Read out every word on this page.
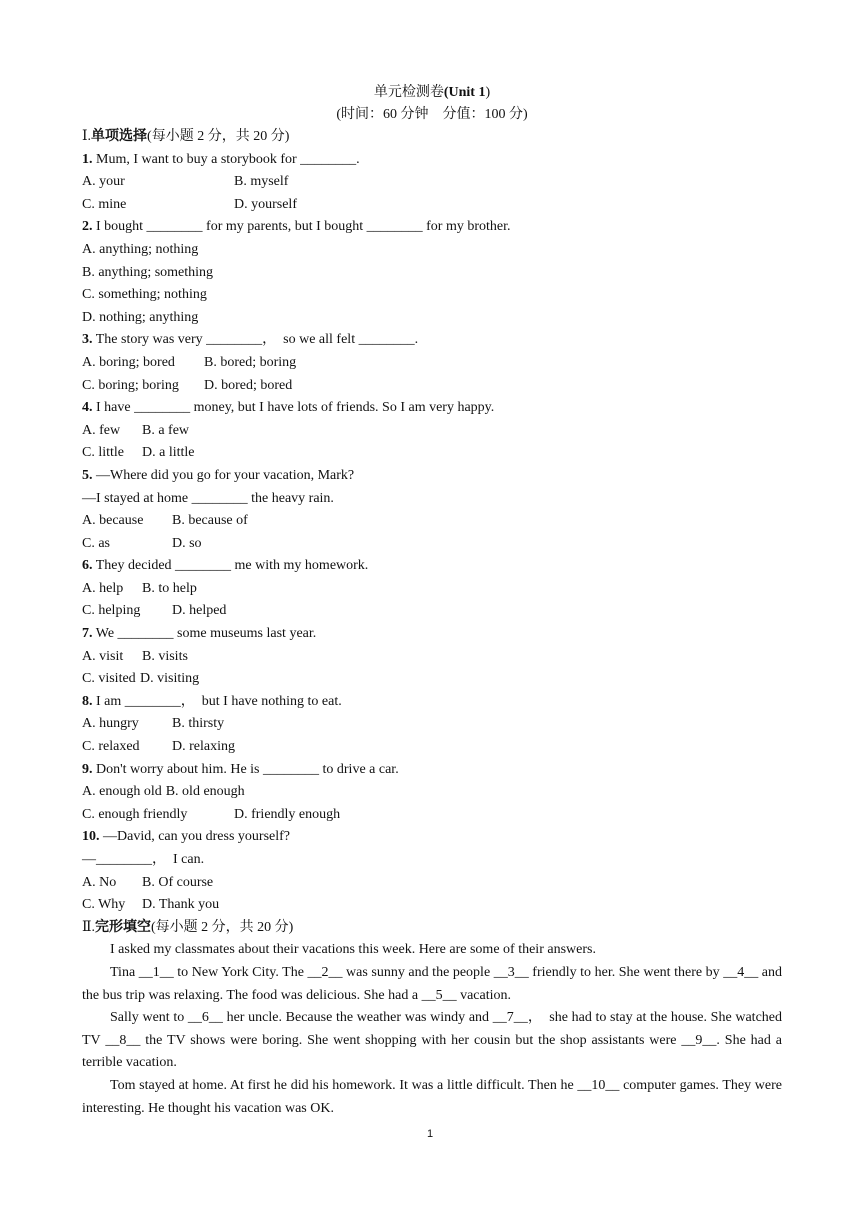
单元检测卷(Unit 1)
(时间：60 分钟　分值：100 分)
Ⅰ.单项选择(每小题 2 分，共 20 分)
1. Mum, I want to buy a storybook for ________.
A. your	B. myself
C. mine	D. yourself
2. I bought ________ for my parents, but I bought ________ for my brother.
A. anything; nothing
B. anything; something
C. something; nothing
D. nothing; anything
3. The story was very ________，　so we all felt ________.
A. boring; bored	B. bored; boring
C. boring; boring	D. bored; bored
4. I have ________ money, but I have lots of friends. So I am very happy.
A. few	B. a few
C. little	D. a little
5. —Where did you go for your vacation, Mark?
—I stayed at home ________ the heavy rain.
A. because	B. because of
C. as	D. so
6. They decided ________ me with my homework.
A. help	B. to help
C. helping	D. helped
7. We ________ some museums last year.
A. visit	B. visits
C. visited D. visiting
8. I am ________，　but I have nothing to eat.
A. hungry	B. thirsty
C. relaxed	D. relaxing
9. Don't worry about him. He is ________ to drive a car.
A. enough old B. old enough
C. enough friendly	D. friendly enough
10. —David, can you dress yourself?
—________，　I can.
A. No	B. Of course
C. Why	D. Thank you
Ⅱ.完形填空(每小题 2 分，共 20 分)
I asked my classmates about their vacations this week. Here are some of their answers.
Tina __1__ to New York City. The __2__ was sunny and the people __3__ friendly to her. She went there by __4__ and the bus trip was relaxing. The food was delicious. She had a __5__ vacation.
Sally went to __6__ her uncle. Because the weather was windy and __7__，　she had to stay at the house. She watched TV __8__ the TV shows were boring. She went shopping with her cousin but the shop assistants were __9__. She had a terrible vacation.
Tom stayed at home. At first he did his homework. It was a little difficult. Then he __10__ computer games. They were interesting. He thought his vacation was OK.
1
